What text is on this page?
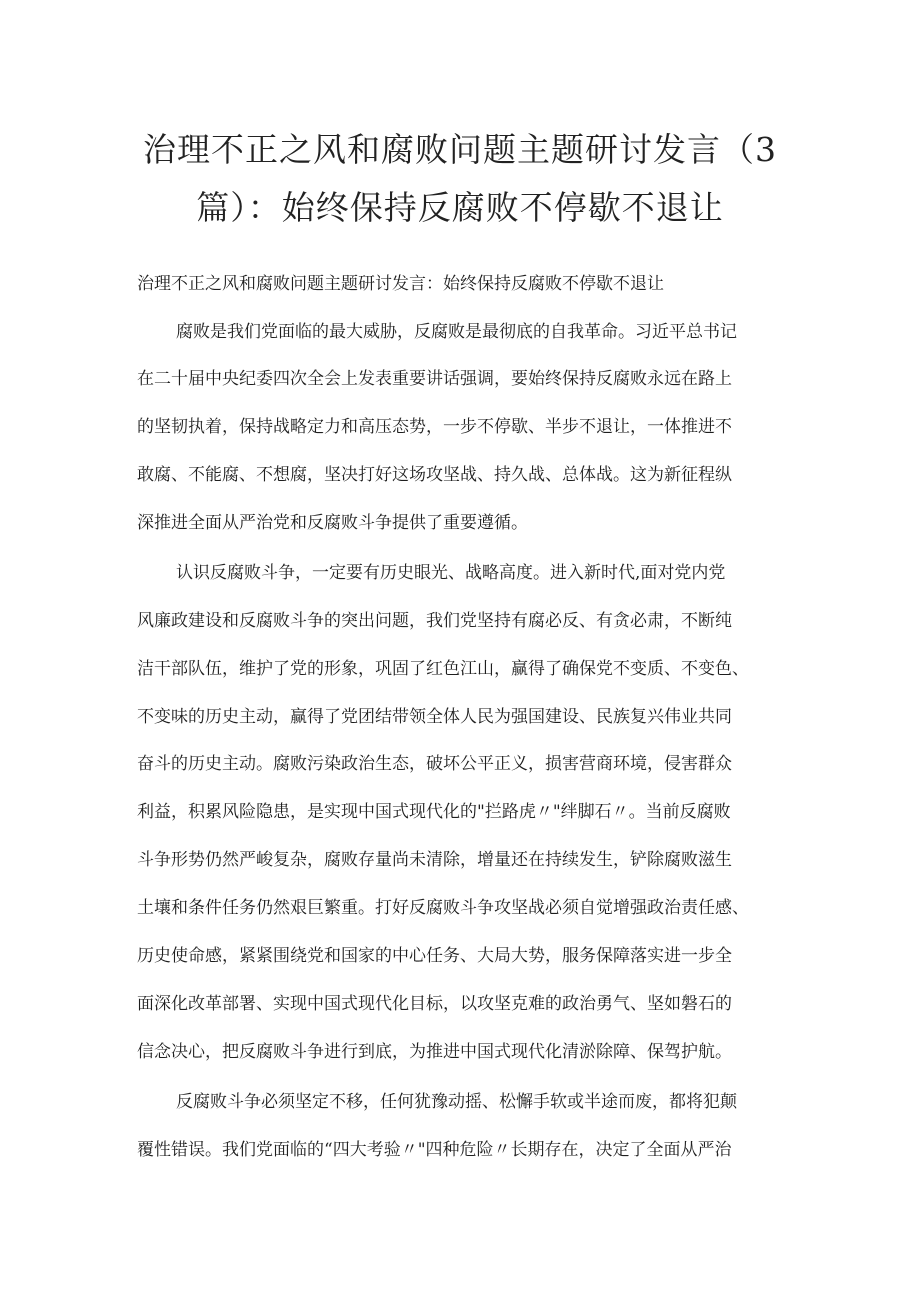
治理不正之风和腐败问题主题研讨发言（3
篇）：始终保持反腐败不停歇不退让
治理不正之风和腐败问题主题研讨发言：始终保持反腐败不停歇不退让
腐败是我们党面临的最大威胁，反腐败是最彻底的自我革命。习近平总书记
在二十届中央纪委四次全会上发表重要讲话强调，要始终保持反腐败永远在路上
的坚韧执着，保持战略定力和高压态势，一步不停歇、半步不退让，一体推进不
敢腐、不能腐、不想腐，坚决打好这场攻坚战、持久战、总体战。这为新征程纵
深推进全面从严治党和反腐败斗争提供了重要遵循。
认识反腐败斗争，一定要有历史眼光、战略高度。进入新时代,面对党内党
风廉政建设和反腐败斗争的突出问题，我们党坚持有腐必反、有贪必肃，不断纯
洁干部队伍，维护了党的形象，巩固了红色江山，赢得了确保党不变质、不变色、
不变味的历史主动，赢得了党团结带领全体人民为强国建设、民族复兴伟业共同
奋斗的历史主动。腐败污染政治生态，破坏公平正义，损害营商环境，侵害群众
利益，积累风险隐患，是实现中国式现代化的"拦路虎〃"绊脚石〃。当前反腐败
斗争形势仍然严峻复杂，腐败存量尚未清除，增量还在持续发生，铲除腐败滋生
土壤和条件任务仍然艰巨繁重。打好反腐败斗争攻坚战必须自觉增强政治责任感、
历史使命感，紧紧围绕党和国家的中心任务、大局大势，服务保障落实进一步全
面深化改革部署、实现中国式现代化目标，以攻坚克难的政治勇气、坚如磐石的
信念决心，把反腐败斗争进行到底，为推进中国式现代化清淤除障、保驾护航。
反腐败斗争必须坚定不移，任何犹豫动摇、松懈手软或半途而废，都将犯颠
覆性错误。我们党面临的“四大考验〃"四种危险〃长期存在，决定了全面从严治
